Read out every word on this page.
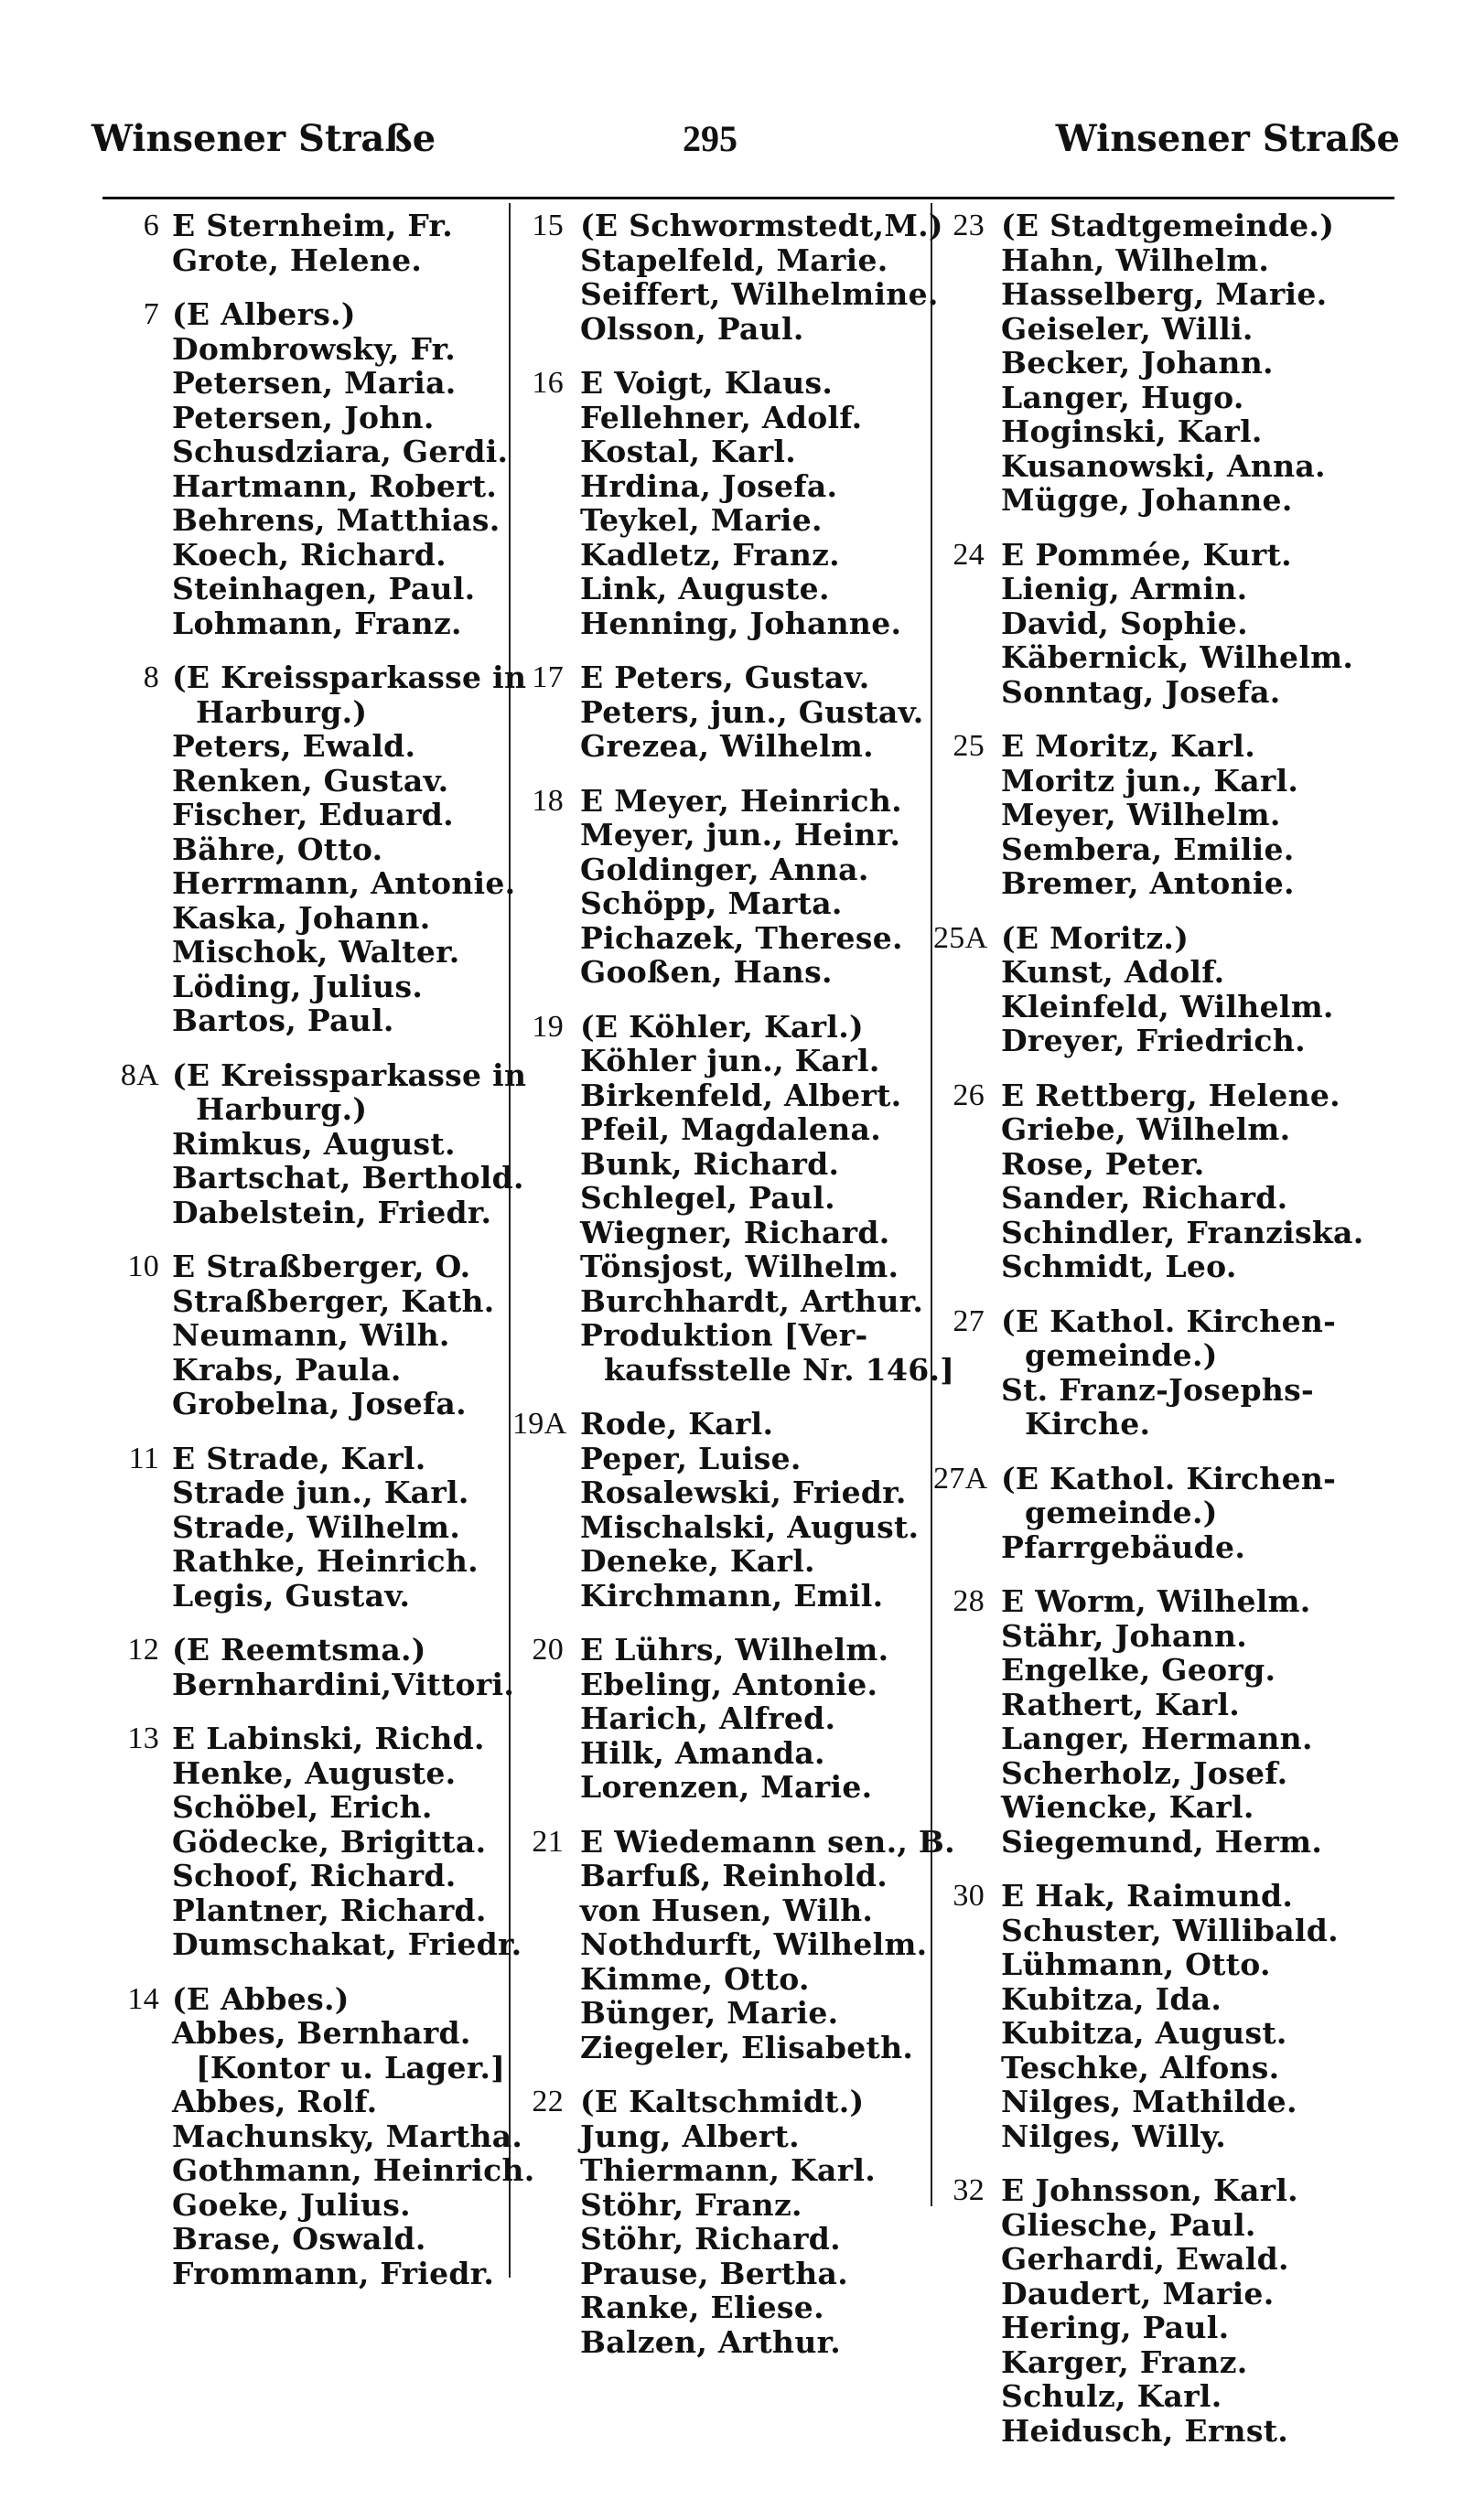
Winsener Straße	295	Winsener Straße
6 E Sternheim, Fr.
Grote, Helene.
7 (E Albers.)
Dombrowsky, Fr.
Petersen, Maria.
Petersen, John.
Schusdziara, Gerdi.
Hartmann, Robert.
Behrens, Matthias.
Koech, Richard.
Steinhagen, Paul.
Lohmann, Franz.
8 (E Kreissparkasse in
Harburg.)
Peters, Ewald.
Renken, Gustav.
Fischer, Eduard.
Bähre, Otto.
Herrmann, Antonie.
Kaska, Johann.
Mischok, Walter.
Löding, Julius.
Bartos, Paul.
8A (E Kreissparkasse in
Harburg.)
Rimkus, August.
Bartschat, Berthold.
Dabelstein, Friedr.
10 E Straßberger, O.
Straßberger, Kath.
Neumann, Wilh.
Krabs, Paula.
Grobelna, Josefa.
11 E Strade, Karl.
Strade jun., Karl.
Strade, Wilhelm.
Rathke, Heinrich.
Legis, Gustav.
12 (E Reemtsma.)
Bernhardini,Vittori.
13 E Labinski, Richd.
Henke, Auguste.
Schöbel, Erich.
Gödecke, Brigitta.
Schoof, Richard.
Plantner, Richard.
Dumschakat, Friedr.
14 (E Abbes.)
Abbes, Bernhard.
[Kontor u. Lager.]
Abbes, Rolf.
Machunsky, Martha.
Gothmann, Heinrich.
Goeke, Julius.
Brase, Oswald.
Frommann, Friedr.
15 (E Schwormstedt,M.)
Stapelfeld, Marie.
Seiffert, Wilhelmine.
Olsson, Paul.
16 E Voigt, Klaus.
Fellehner, Adolf.
Kostal, Karl.
Hrdina, Josefa.
Teykel, Marie.
Kadletz, Franz.
Link, Auguste.
Henning, Johanne.
17 E Peters, Gustav.
Peters, jun., Gustav.
Grezea, Wilhelm.
18 E Meyer, Heinrich.
Meyer, jun., Heinr.
Goldinger, Anna.
Schöpp, Marta.
Pichazek, Therese.
Gooßen, Hans.
19 (E Köhler, Karl.)
Köhler jun., Karl.
Birkenfeld, Albert.
Pfeil, Magdalena.
Bunk, Richard.
Schlegel, Paul.
Wiegner, Richard.
Tönsjost, Wilhelm.
Burchhardt, Arthur.
Produktion [Ver-
kaufsstelle Nr. 146.]
19A Rode, Karl.
Peper, Luise.
Rosalewski, Friedr.
Mischalski, August.
Deneke, Karl.
Kirchmann, Emil.
20 E Lührs, Wilhelm.
Ebeling, Antonie.
Harich, Alfred.
Hilk, Amanda.
Lorenzen, Marie.
21 E Wiedemann sen., B.
Barfuß, Reinhold.
von Husen, Wilh.
Nothdurft, Wilhelm.
Kimme, Otto.
Bünger, Marie.
Ziegeler, Elisabeth.
22 (E Kaltschmidt.)
Jung, Albert.
Thiermann, Karl.
Stöhr, Franz.
Stöhr, Richard.
Prause, Bertha.
Ranke, Eliese.
Balzen, Arthur.
23 (E Stadtgemeinde.)
Hahn, Wilhelm.
Hasselberg, Marie.
Geiseler, Willi.
Becker, Johann.
Langer, Hugo.
Hoginski, Karl.
Kusanowski, Anna.
Mügge, Johanne.
24 E Pommée, Kurt.
Lienig, Armin.
David, Sophie.
Käbernick, Wilhelm.
Sonntag, Josefa.
25 E Moritz, Karl.
Moritz jun., Karl.
Meyer, Wilhelm.
Sembera, Emilie.
Bremer, Antonie.
25A (E Moritz.)
Kunst, Adolf.
Kleinfeld, Wilhelm.
Dreyer, Friedrich.
26 E Rettberg, Helene.
Griebe, Wilhelm.
Rose, Peter.
Sander, Richard.
Schindler, Franziska.
Schmidt, Leo.
27 (E Kathol. Kirchen-
gemeinde.)
St. Franz-Josephs-
Kirche.
27A (E Kathol. Kirchen-
gemeinde.)
Pfarrgebäude.
28 E Worm, Wilhelm.
Stähr, Johann.
Engelke, Georg.
Rathert, Karl.
Langer, Hermann.
Scherholz, Josef.
Wiencke, Karl.
Siegemund, Herm.
30 E Hak, Raimund.
Schuster, Willibald.
Lühmann, Otto.
Kubitza, Ida.
Kubitza, August.
Teschke, Alfons.
Nilges, Mathilde.
Nilges, Willy.
32 E Johnsson, Karl.
Gliesche, Paul.
Gerhardi, Ewald.
Daudert, Marie.
Hering, Paul.
Karger, Franz.
Schulz, Karl.
Heidusch, Ernst.
